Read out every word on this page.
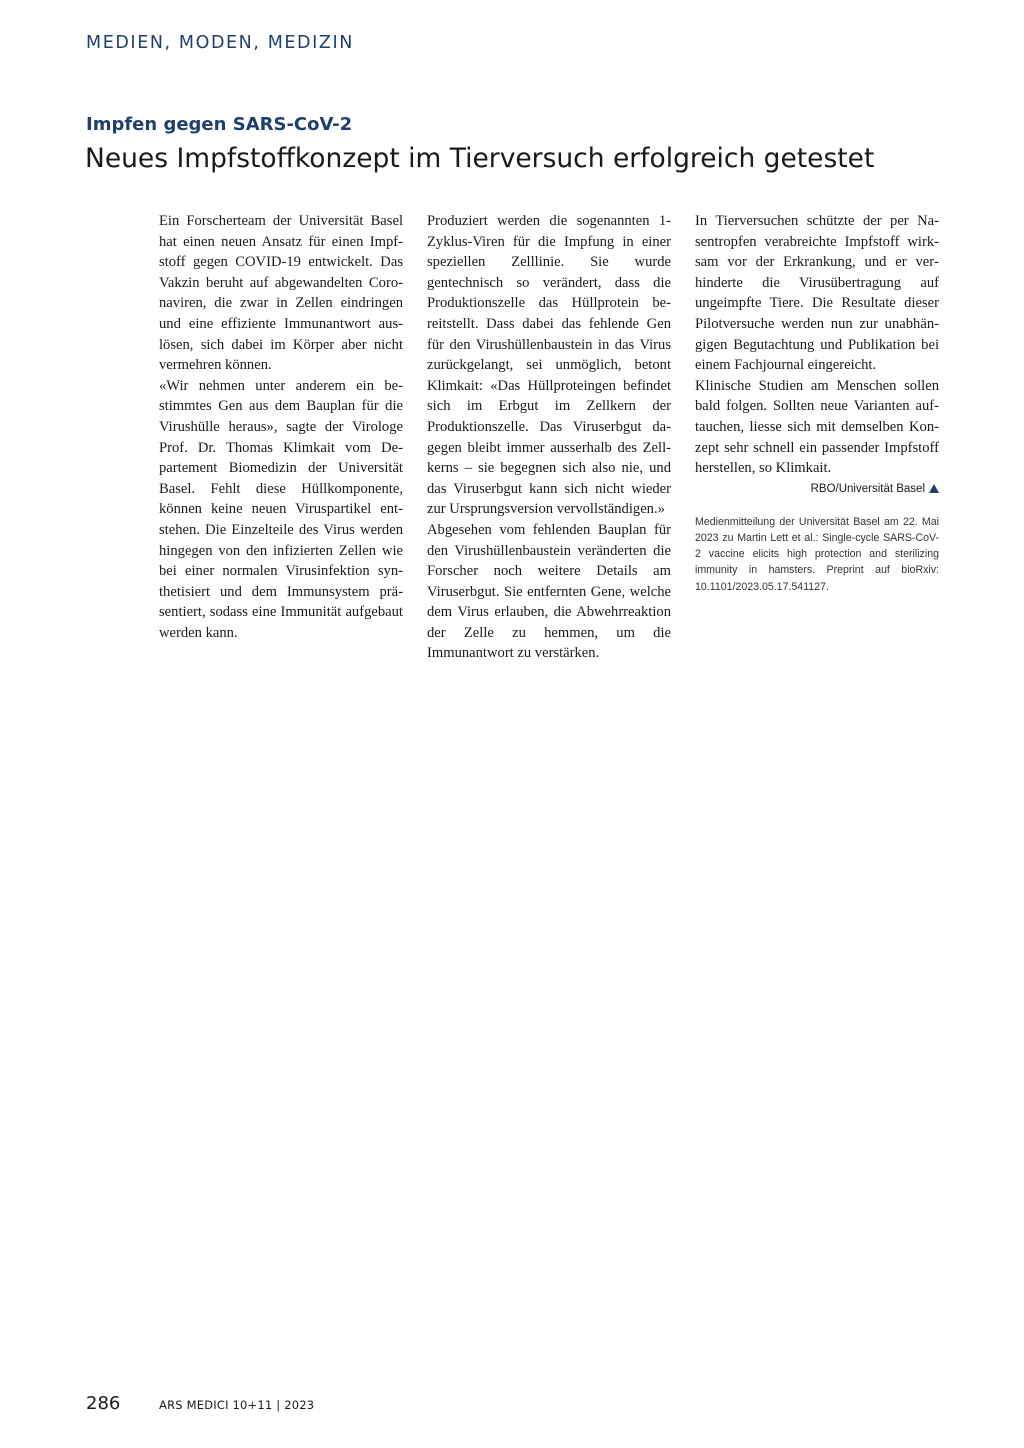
MEDIEN, MODEN, MEDIZIN
Impfen gegen SARS-CoV-2
Neues Impfstoffkonzept im Tierversuch erfolgreich getestet

Ein Forscherteam der Universität Basel hat einen neuen Ansatz für einen Impfstoff gegen COVID-19 entwickelt. Das Vakzin beruht auf abgewandelten Coronaviren, die zwar in Zellen eindringen und eine effiziente Immunantwort auslösen, sich dabei im Körper aber nicht vermehren können.

«Wir nehmen unter anderem ein bestimmtes Gen aus dem Bauplan für die Virushülle heraus», sagte der Virologe Prof. Dr. Thomas Klimkait vom Departement Biomedizin der Universität Basel. Fehlt diese Hüllkomponente, können keine neuen Viruspartikel entstehen. Die Einzelteile des Virus werden hingegen von den infizierten Zellen wie bei einer normalen Virusinfektion synthetisiert und dem Immunsystem präsentiert, sodass eine Immunität aufgebaut werden kann.

Produziert werden die sogenannten 1-Zyklus-Viren für die Impfung in einer speziellen Zelllinie. Sie wurde gentechnisch so verändert, dass die Produktionszelle das Hüllprotein bereitstellt. Dass dabei das fehlende Gen für den Virushüllenbaustein in das Virus zurückgelangt, sei unmöglich, betont Klimkait: «Das Hüllproteingen befindet sich im Erbgut im Zellkern der Produktionszelle. Das Viruserbgut dagegen bleibt immer ausserhalb des Zellkerns – sie begegnen sich also nie, und das Viruserbgut kann sich nicht wieder zur Ursprungsversion vervollständigen.»

Abgesehen vom fehlenden Bauplan für den Virushüllenbaustein veränderten die Forscher noch weitere Details am Viruserbgut. Sie entfernten Gene, welche dem Virus erlauben, die Abwehrreaktion der Zelle zu hemmen, um die Immunantwort zu verstärken.

In Tierversuchen schützte der per Nasentropfen verabreichte Impfstoff wirksam vor der Erkrankung, und er verhinderte die Virusübertragung auf ungeimpfte Tiere. Die Resultate dieser Pilotversuche werden nun zur unabhängigen Begutachtung und Publikation bei einem Fachjournal eingereicht.

Klinische Studien am Menschen sollen bald folgen. Sollten neue Varianten auftauchen, liesse sich mit demselben Konzept sehr schnell ein passender Impfstoff herstellen, so Klimkait.

RBO/Universität Basel
Medienmitteilung der Universität Basel am 22. Mai 2023 zu Martin Lett et al.: Single-cycle SARS-CoV-2 vaccine elicits high protection and sterilizing immunity in hamsters. Preprint auf bioRxiv: 10.1101/2023.05.17.541127.
286	ARS MEDICI 10+11 | 2023
